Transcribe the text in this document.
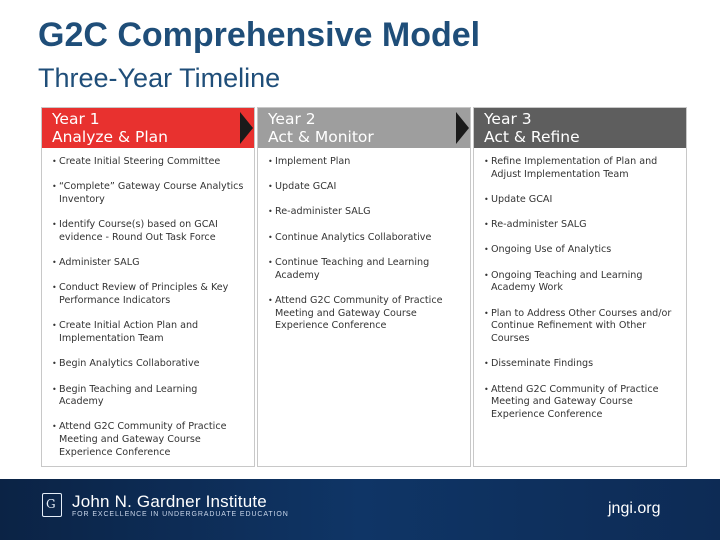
G2C Comprehensive Model
Three-Year Timeline
Year 1
Analyze & Plan
• Create Initial Steering Committee
• “Complete” Gateway Course Analytics Inventory
• Identify Course(s) based on GCAI evidence - Round Out Task Force
• Administer SALG
• Conduct Review of Principles & Key Performance Indicators
• Create Initial Action Plan and Implementation Team
• Begin Analytics Collaborative
• Begin Teaching and Learning Academy
• Attend G2C Community of Practice Meeting and Gateway Course Experience Conference
Year 2
Act & Monitor
• Implement Plan
• Update GCAI
• Re-administer SALG
• Continue Analytics Collaborative
• Continue Teaching and Learning Academy
• Attend G2C Community of Practice Meeting and Gateway Course Experience Conference
Year 3
Act & Refine
• Refine Implementation of Plan and Adjust Implementation Team
• Update GCAI
• Re-administer SALG
• Ongoing Use of Analytics
• Ongoing Teaching and Learning Academy Work
• Plan to Address Other Courses and/or Continue Refinement with Other Courses
• Disseminate Findings
• Attend G2C Community of Practice Meeting and Gateway Course Experience Conference
G
John N. Gardner Institute
FOR EXCELLENCE IN UNDERGRADUATE EDUCATION	jngi.org
